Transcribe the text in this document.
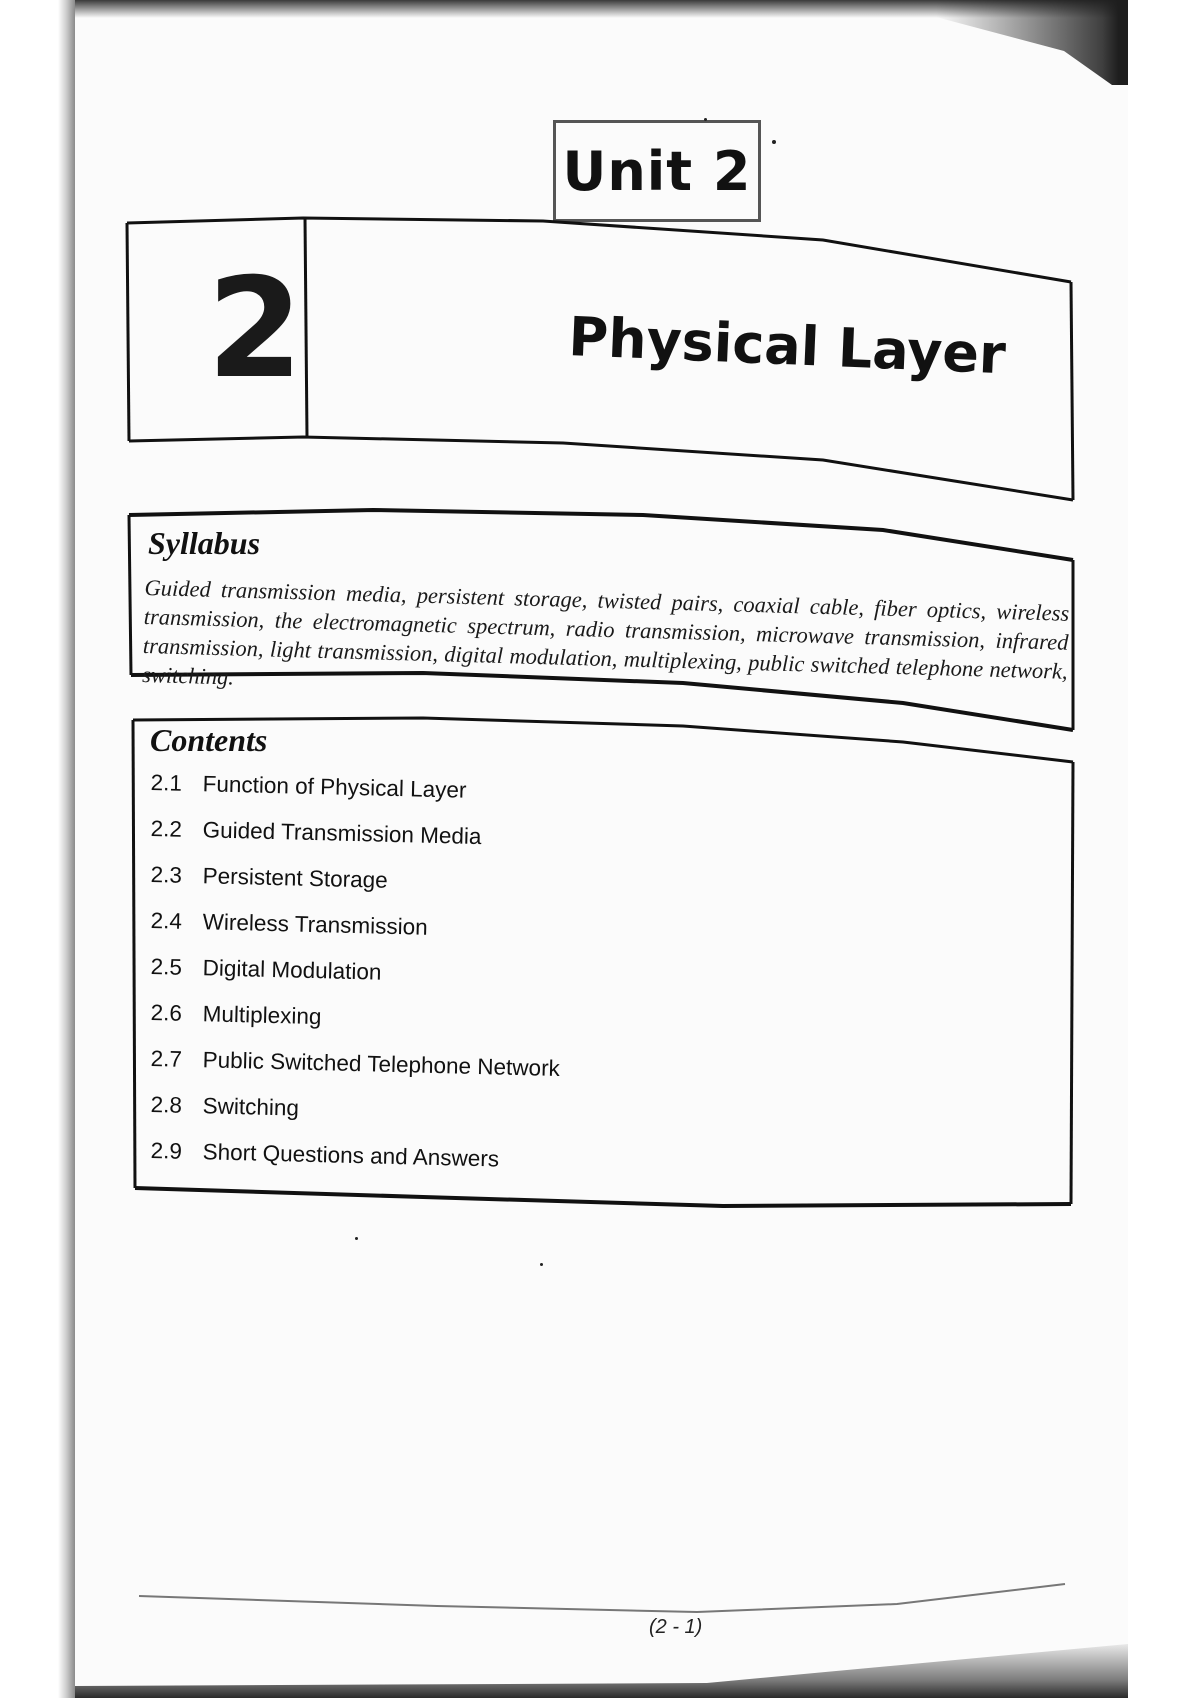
Unit 2
2	Physical Layer
Syllabus
Guided transmission media, persistent storage, twisted pairs, coaxial cable, fiber optics, wireless transmission, the electromagnetic spectrum, radio transmission, microwave transmission, infrared transmission, light transmission, digital modulation, multiplexing, public switched telephone network, switching.
Contents
2.1 Function of Physical Layer
2.2 Guided Transmission Media
2.3 Persistent Storage
2.4 Wireless Transmission
2.5 Digital Modulation
2.6 Multiplexing
2.7 Public Switched Telephone Network
2.8 Switching
2.9 Short Questions and Answers
(2 - 1)
